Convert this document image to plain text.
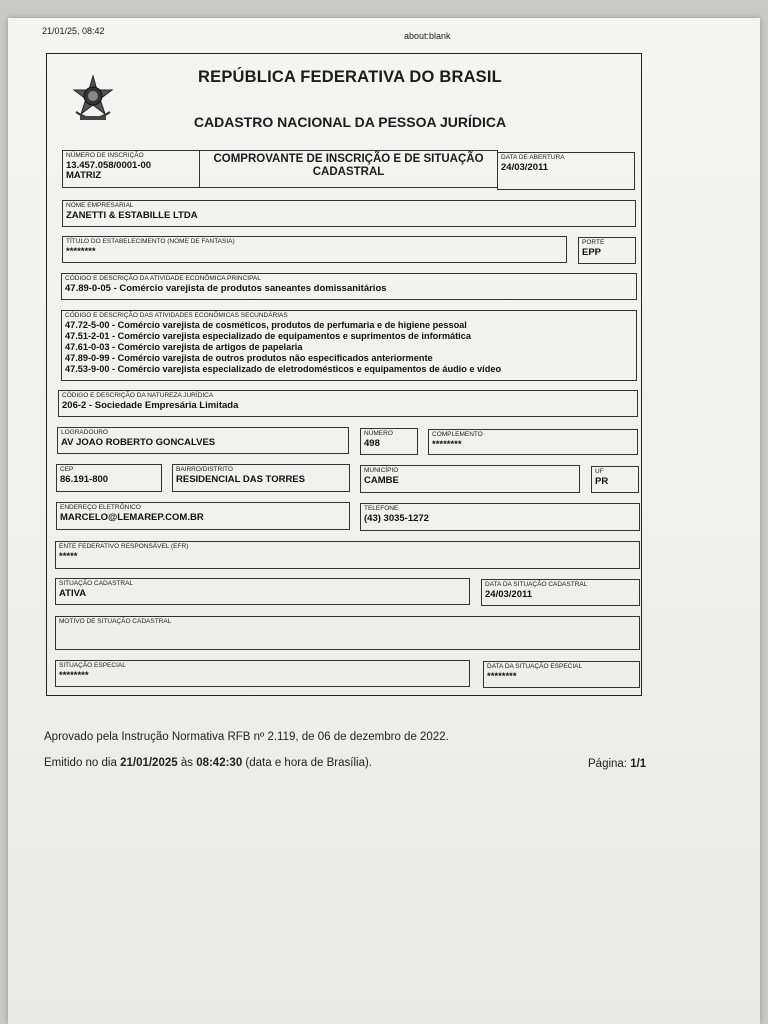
21/01/25, 08:42	about:blank
REPÚBLICA FEDERATIVA DO BRASIL
CADASTRO NACIONAL DA PESSOA JURÍDICA
NÚMERO DE INSCRIÇÃO
13.457.058/0001-00
MATRIZ
COMPROVANTE DE INSCRIÇÃO E DE SITUAÇÃO
CADASTRAL
DATA DE ABERTURA
24/03/2011
NOME EMPRESARIAL
ZANETTI & ESTABILLE LTDA
TÍTULO DO ESTABELECIMENTO (NOME DE FANTASIA)
********
PORTE
EPP
CÓDIGO E DESCRIÇÃO DA ATIVIDADE ECONÔMICA PRINCIPAL
47.89-0-05 - Comércio varejista de produtos saneantes domissanitários
CÓDIGO E DESCRIÇÃO DAS ATIVIDADES ECONÔMICAS SECUNDÁRIAS
47.72-5-00 - Comércio varejista de cosméticos, produtos de perfumaria e de higiene pessoal
47.51-2-01 - Comércio varejista especializado de equipamentos e suprimentos de informática
47.61-0-03 - Comércio varejista de artigos de papelaria
47.89-0-99 - Comércio varejista de outros produtos não especificados anteriormente
47.53-9-00 - Comércio varejista especializado de eletrodomésticos e equipamentos de áudio e vídeo
CÓDIGO E DESCRIÇÃO DA NATUREZA JURÍDICA
206-2 - Sociedade Empresária Limitada
LOGRADOURO
AV JOAO ROBERTO GONCALVES
NÚMERO
498
COMPLEMENTO
********
CEP
86.191-800
BAIRRO/DISTRITO
RESIDENCIAL DAS TORRES
MUNICÍPIO
CAMBE
UF
PR
ENDEREÇO ELETRÔNICO
MARCELO@LEMAREP.COM.BR
TELEFONE
(43) 3035-1272
ENTE FEDERATIVO RESPONSÁVEL (EFR)
*****
SITUAÇÃO CADASTRAL
ATIVA
DATA DA SITUAÇÃO CADASTRAL
24/03/2011
MOTIVO DE SITUAÇÃO CADASTRAL
SITUAÇÃO ESPECIAL
********
DATA DA SITUAÇÃO ESPECIAL
********
Aprovado pela Instrução Normativa RFB nº 2.119, de 06 de dezembro de 2022.
Emitido no dia 21/01/2025 às 08:42:30 (data e hora de Brasília).	Página: 1/1
